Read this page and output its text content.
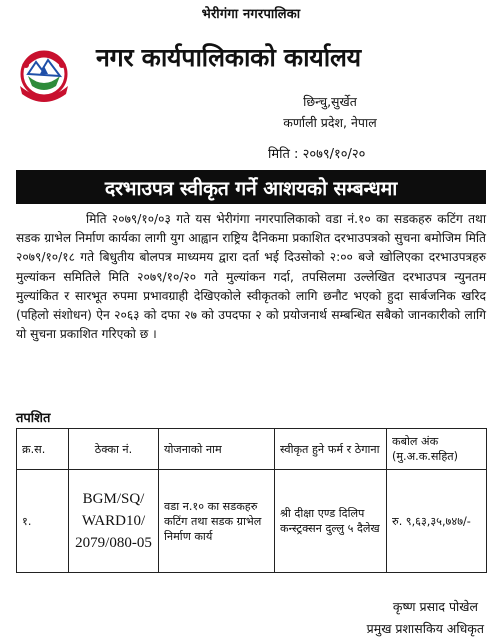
भेरीगंगा नगरपालिका
नगर कार्यपालिकाको कार्यालय
छिन्चु,सुर्खेत
कर्णाली प्रदेश, नेपाल
मिति : २०७९/१०/२०
दरभाउपत्र स्वीकृत गर्ने आशयको सम्बन्धमा

मिति २०७९/१०/०३ गते यस भेरीगंगा नगरपालिकाको वडा नं.१० का सडकहरु कटिंग तथा सडक ग्राभेल निर्माण कार्यका लागी युग आह्वान राष्ट्रिय दैनिकमा प्रकाशित दरभाउपत्रको सुचना बमोजिम मिति २०७९/१०/१८ गते बिधुतीय बोलपत्र माध्यमय द्वारा दर्ता भई दिउसोको २:०० बजे खोलिएका दरभाउपत्रहरु मुल्यांकन समितिले मिति २०७९/१०/२० गते मुल्यांकन गर्दा, तपसिलमा उल्लेखित दरभाउपत्र न्युनतम मुल्यांकित र सारभूत रुपमा प्रभावग्राही देखिएकोले स्वीकृतको लागि छनौट भएको हुदा सार्बजनिक खरिद (पहिलो संशोधन) ऐन २०६३ को दफा २७ को उपदफा २ को प्रयोजनार्थ सम्बन्धित सबैको जानकारीको लागि यो सुचना प्रकाशित गरिएको छ ।

तपशित
क्र.स.	ठेक्का नं.	योजनाको नाम	स्वीकृत हुने फर्म र ठेगाना	कबोल अंक (मु.अ.क.सहित)
१.	BGM/SQ/ WARD10/ 2079/080-05	वडा न.१० का सडकहरु कटिंग तथा सडक ग्राभेल निर्माण कार्य	श्री दीक्षा एण्ड दिलिप कन्स्ट्रक्सन दुल्लु ५ दैलेख	रु. ९,६३,३५,७४७/-
कृष्ण प्रसाद पोखेल
प्रमुख प्रशासकिय अधिकृत
